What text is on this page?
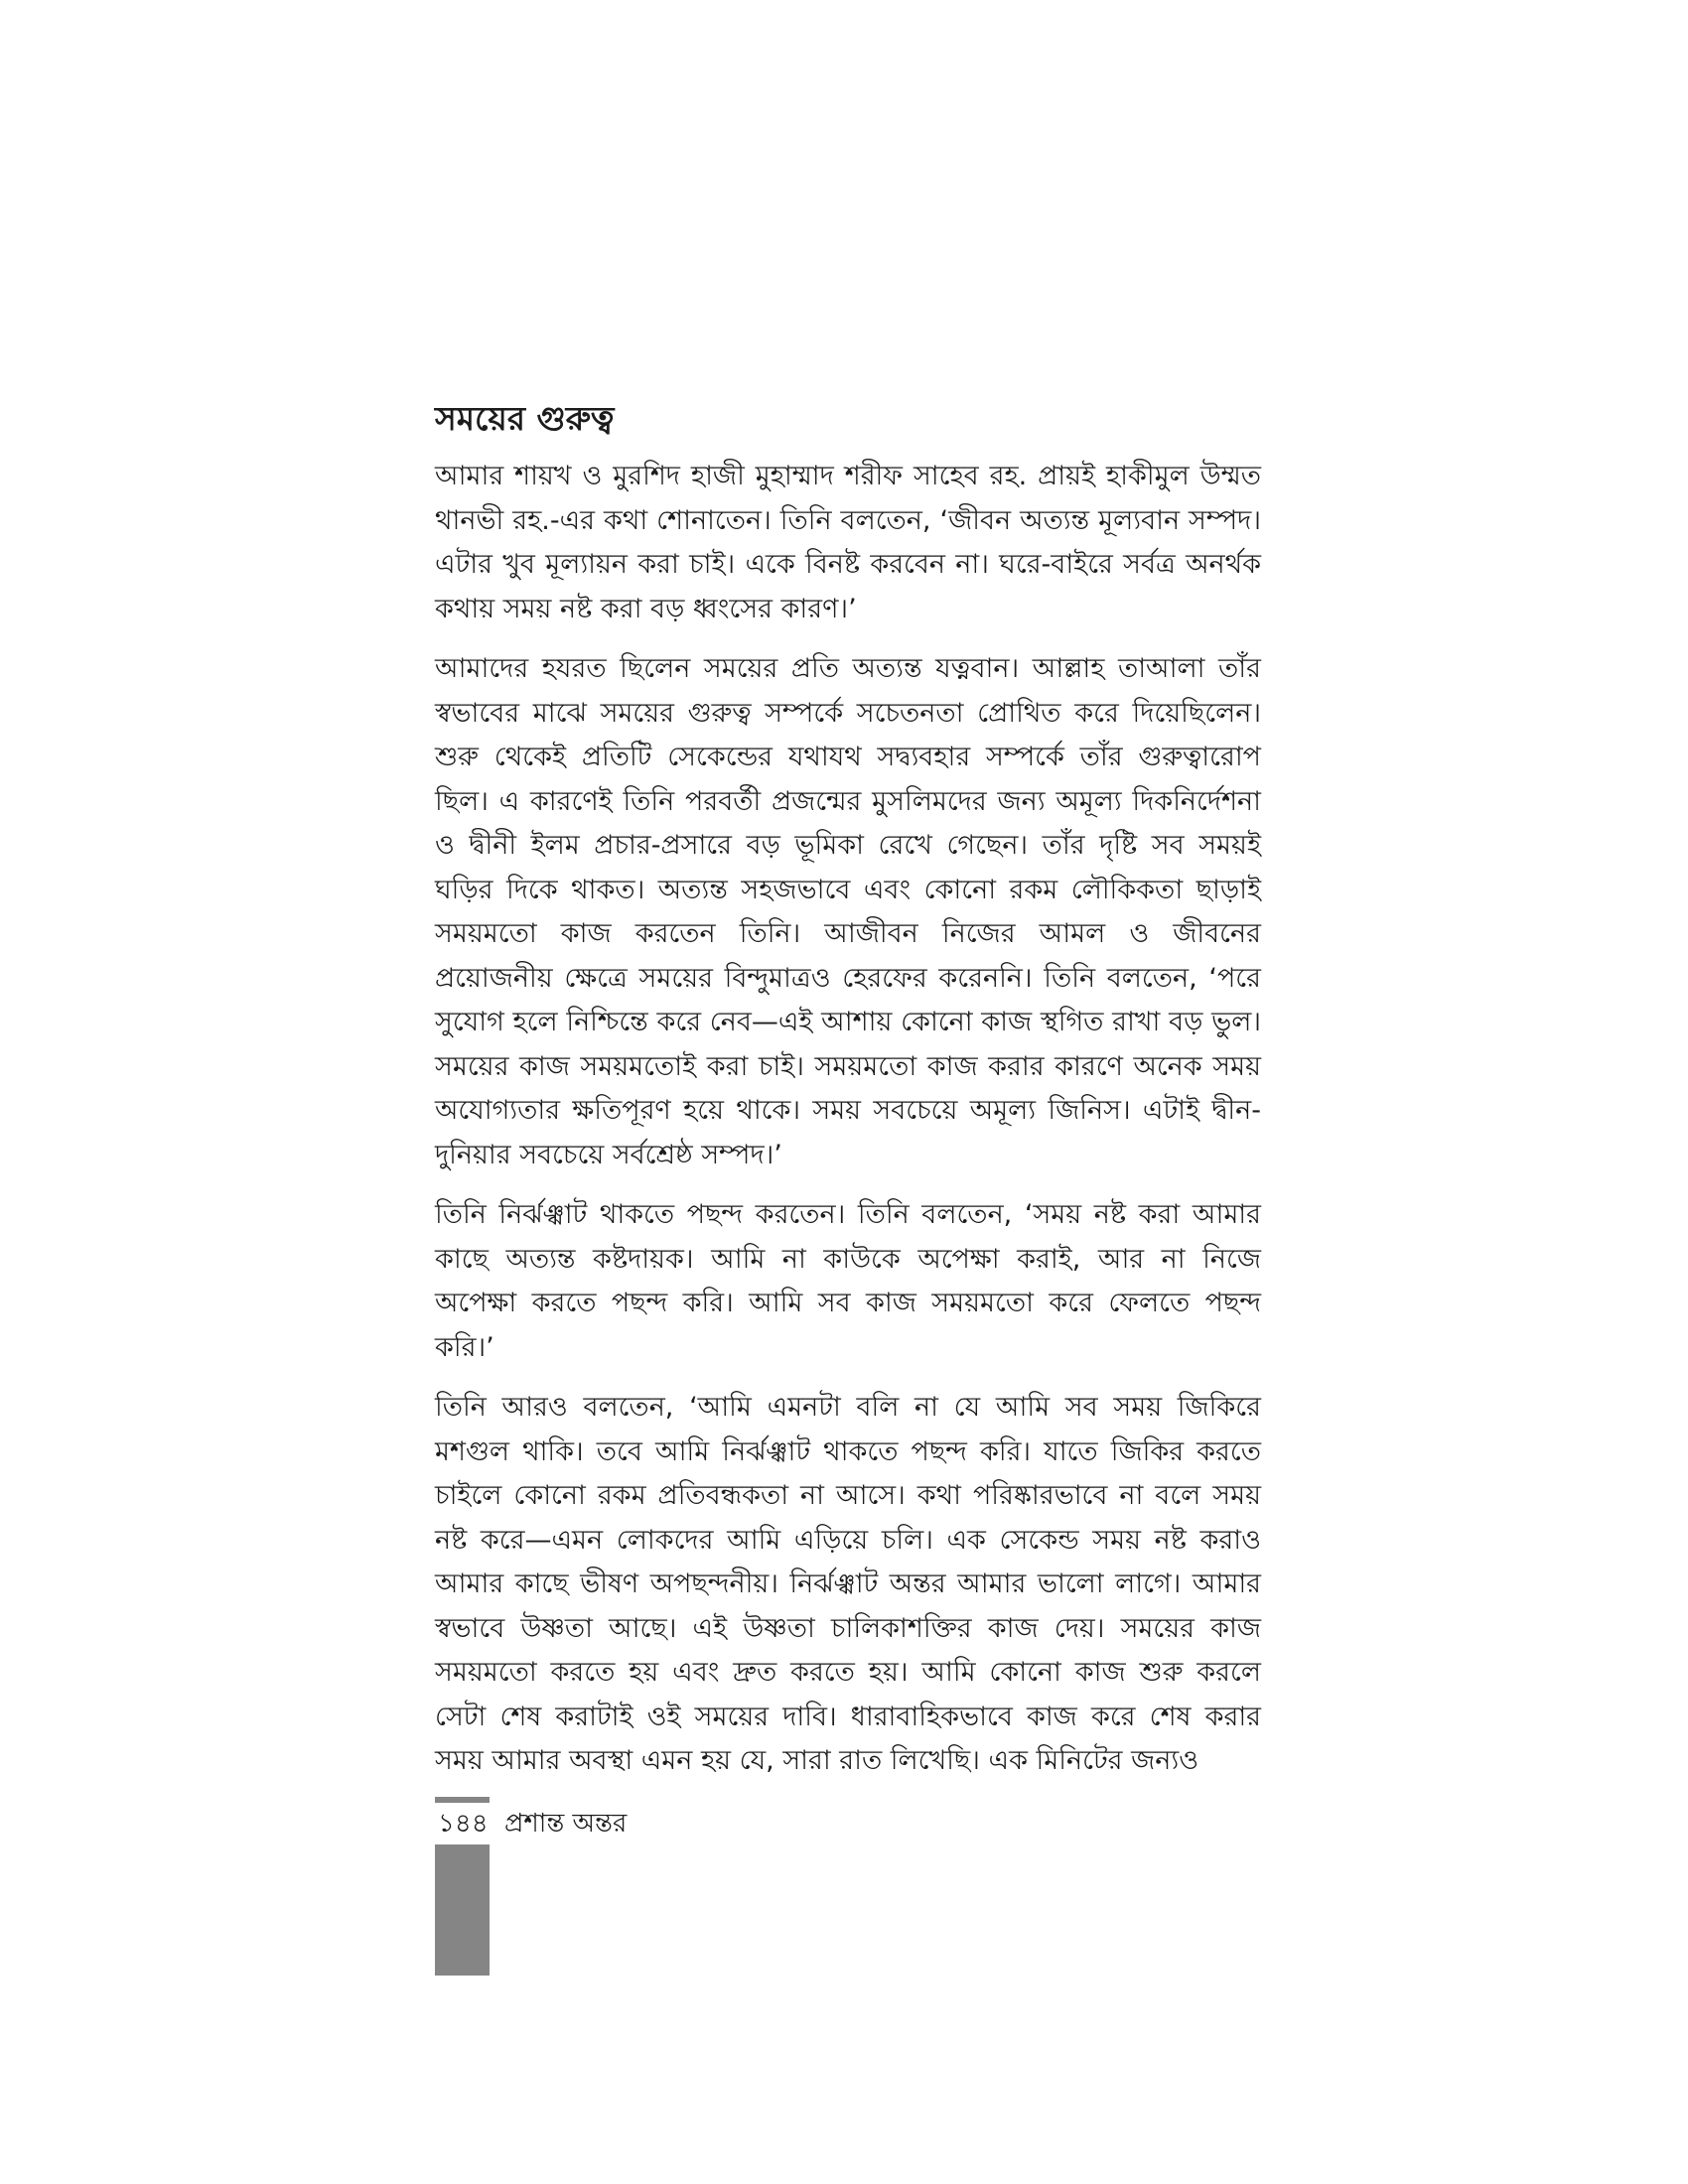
সময়ের গুরুত্ব

আমার শায়খ ও মুরশিদ হাজী মুহাম্মাদ শরীফ সাহেব রহ. প্রায়ই হাকীমুল উম্মত থানভী রহ.-এর কথা শোনাতেন। তিনি বলতেন, ‘জীবন অত্যন্ত মূল্যবান সম্পদ। এটার খুব মূল্যায়ন করা চাই। একে বিনষ্ট করবেন না। ঘরে-বাইরে সর্বত্র অনর্থক কথায় সময় নষ্ট করা বড় ধ্বংসের কারণ।’

আমাদের হযরত ছিলেন সময়ের প্রতি অত্যন্ত যত্নবান। আল্লাহ তাআলা তাঁর স্বভাবের মাঝে সময়ের গুরুত্ব সম্পর্কে সচেতনতা প্রোথিত করে দিয়েছিলেন। শুরু থেকেই প্রতিটি সেকেন্ডের যথাযথ সদ্ব্যবহার সম্পর্কে তাঁর গুরুত্বারোপ ছিল। এ কারণেই তিনি পরবর্তী প্রজন্মের মুসলিমদের জন্য অমূল্য দিকনির্দেশনা ও দ্বীনী ইলম প্রচার-প্রসারে বড় ভূমিকা রেখে গেছেন। তাঁর দৃষ্টি সব সময়ই ঘড়ির দিকে থাকত। অত্যন্ত সহজভাবে এবং কোনো রকম লৌকিকতা ছাড়াই সময়মতো কাজ করতেন তিনি। আজীবন নিজের আমল ও জীবনের প্রয়োজনীয় ক্ষেত্রে সময়ের বিন্দুমাত্রও হেরফের করেননি। তিনি বলতেন, ‘পরে সুযোগ হলে নিশ্চিন্তে করে নেব—এই আশায় কোনো কাজ স্থগিত রাখা বড় ভুল। সময়ের কাজ সময়মতোই করা চাই। সময়মতো কাজ করার কারণে অনেক সময় অযোগ্যতার ক্ষতিপূরণ হয়ে থাকে। সময় সবচেয়ে অমূল্য জিনিস। এটাই দ্বীন-দুনিয়ার সবচেয়ে সর্বশ্রেষ্ঠ সম্পদ।’

তিনি নির্ঝঞ্ঝাট থাকতে পছন্দ করতেন। তিনি বলতেন, ‘সময় নষ্ট করা আমার কাছে অত্যন্ত কষ্টদায়ক। আমি না কাউকে অপেক্ষা করাই, আর না নিজে অপেক্ষা করতে পছন্দ করি। আমি সব কাজ সময়মতো করে ফেলতে পছন্দ করি।’

তিনি আরও বলতেন, ‘আমি এমনটা বলি না যে আমি সব সময় জিকিরে মশগুল থাকি। তবে আমি নির্ঝঞ্ঝাট থাকতে পছন্দ করি। যাতে জিকির করতে চাইলে কোনো রকম প্রতিবন্ধকতা না আসে। কথা পরিষ্কারভাবে না বলে সময় নষ্ট করে—এমন লোকদের আমি এড়িয়ে চলি। এক সেকেন্ড সময় নষ্ট করাও আমার কাছে ভীষণ অপছন্দনীয়। নির্ঝঞ্ঝাট অন্তর আমার ভালো লাগে। আমার স্বভাবে উষ্ণতা আছে। এই উষ্ণতা চালিকাশক্তির কাজ দেয়। সময়ের কাজ সময়মতো করতে হয় এবং দ্রুত করতে হয়। আমি কোনো কাজ শুরু করলে সেটা শেষ করাটাই ওই সময়ের দাবি। ধারাবাহিকভাবে কাজ করে শেষ করার সময় আমার অবস্থা এমন হয় যে, সারা রাত লিখেছি। এক মিনিটের জন্যও

১৪৪ প্রশান্ত অন্তর
